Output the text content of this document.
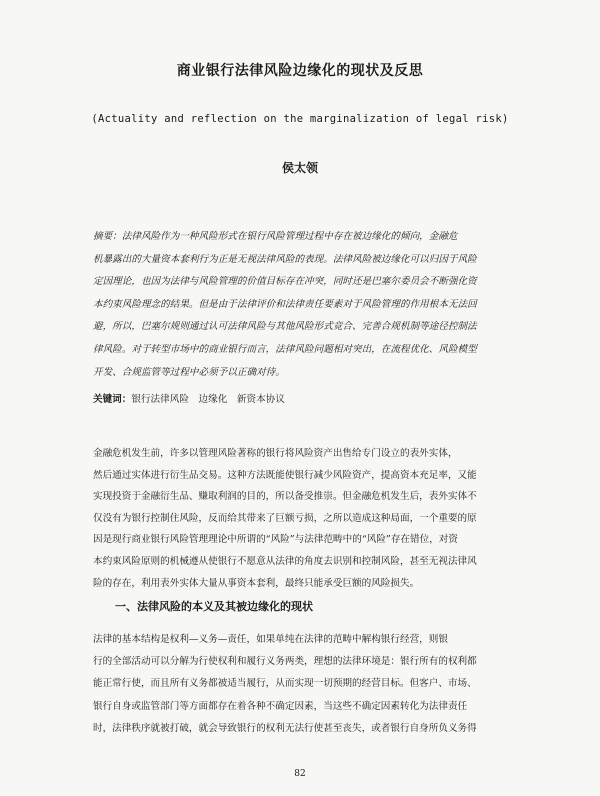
商业银行法律风险边缘化的现状及反思
(Actuality and reflection on the marginalization of legal risk)
侯太领
摘要：法律风险作为一种风险形式在银行风险管理过程中存在被边缘化的倾向，金融危
机暴露出的大量资本套利行为正是无视法律风险的表现。法律风险被边缘化可以归因于风险
定因理论，也因为法律与风险管理的价值目标存在冲突，同时还是巴塞尔委员会不断强化资
本约束风险理念的结果。但是由于法律评价和法律责任要素对于风险管理的作用根本无法回
避，所以，巴塞尔规则通过认可法律风险与其他风险形式竞合、完善合规机制等途径控制法
律风险。对于转型市场中的商业银行而言，法律风险问题相对突出，在流程优化、风险模型
开发、合规监管等过程中必须予以正确对待。
关键词：银行法律风险　边缘化　新资本协议
金融危机发生前，许多以管理风险著称的银行将风险资产出售给专门设立的表外实体，
然后通过实体进行衍生品交易。这种方法既能使银行减少风险资产，提高资本充足率，又能
实现投资于金融衍生品、赚取利润的目的，所以备受推崇。但金融危机发生后，表外实体不
仅没有为银行控制住风险，反而给其带来了巨额亏损，之所以造成这种局面，一个重要的原
因是现行商业银行风险管理理论中所谓的“风险”与法律范畴中的“风险”存在错位，对资
本约束风险原则的机械遵从使银行不愿意从法律的角度去识别和控制风险，甚至无视法律风
险的存在，利用表外实体大量从事资本套利，最终只能承受巨额的风险损失。
一、法律风险的本义及其被边缘化的现状
法律的基本结构是权利—义务—责任，如果单纯在法律的范畴中解构银行经营，则银
行的全部活动可以分解为行使权利和履行义务两类，理想的法律环境是：银行所有的权利都
能正常行使，而且所有义务都被适当履行，从而实现一切预期的经营目标。但客户、市场、
银行自身或监管部门等方面都存在着各种不确定因素，当这些不确定因素转化为法律责任
时，法律秩序就被打破，就会导致银行的权利无法行使甚至丧失，或者银行自身所负义务得
82
